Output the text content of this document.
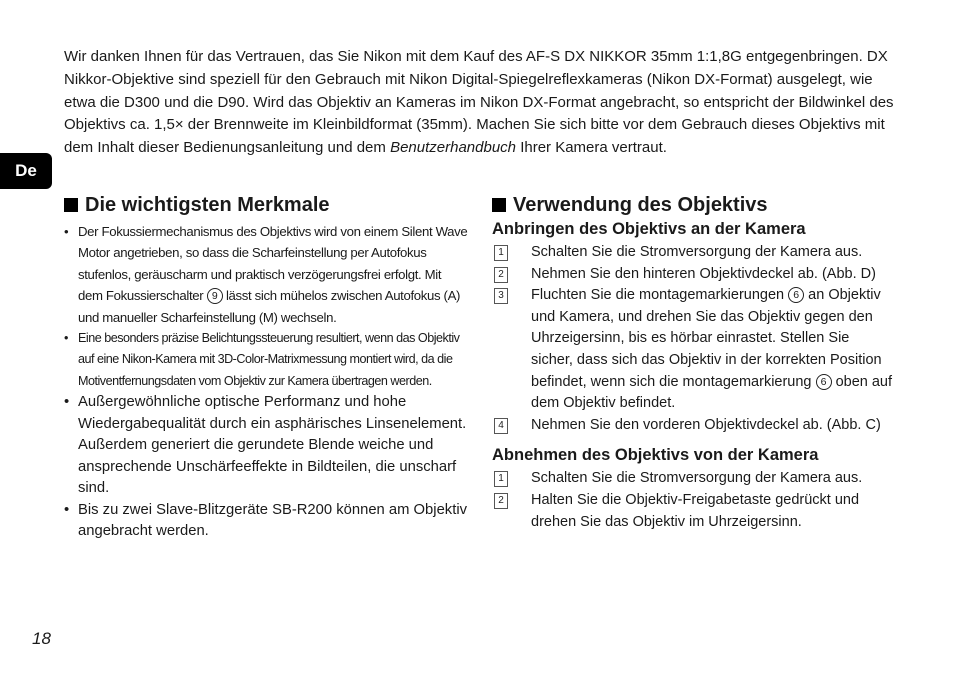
Wir danken Ihnen für das Vertrauen, das Sie Nikon mit dem Kauf des AF-S DX NIKKOR 35mm 1:1,8G entgegenbringen. DX Nikkor-Objektive sind speziell für den Gebrauch mit Nikon Digital-Spiegelreflexkameras (Nikon DX-Format) ausgelegt, wie etwa die D300 und die D90. Wird das Objektiv an Kameras im Nikon DX-Format angebracht, so entspricht der Bildwinkel des Objektivs ca. 1,5× der Brennweite im Kleinbildformat (35mm). Machen Sie sich bitte vor dem Gebrauch dieses Objektivs mit dem Inhalt dieser Bedienungsanleitung und dem Benutzerhandbuch Ihrer Kamera vertraut.

De
Die wichtigsten Merkmale
• Der Fokussiermechanismus des Objektivs wird von einem Silent Wave Motor angetrieben, so dass die Scharfeinstellung per Autofokus stufenlos, geräuscharm und praktisch verzögerungsfrei erfolgt. Mit dem Fokussierschalter 9 lässt sich mühelos zwischen Autofokus (A) und manueller Scharfeinstellung (M) wechseln.
• Eine besonders präzise Belichtungssteuerung resultiert, wenn das Objektiv auf eine Nikon-Kamera mit 3D-Color-Matrixmessung montiert wird, da die Motiventfernungsdaten vom Objektiv zur Kamera übertragen werden.
• Außergewöhnliche optische Performanz und hohe Wiedergabequalität durch ein asphärisches Linsenelement. Außerdem generiert die gerundete Blende weiche und ansprechende Unschärfeeffekte in Bildteilen, die unscharf sind.
• Bis zu zwei Slave-Blitzgeräte SB-R200 können am Objektiv angebracht werden.
Verwendung des Objektivs
Anbringen des Objektivs an der Kamera
1 Schalten Sie die Stromversorgung der Kamera aus.
2 Nehmen Sie den hinteren Objektivdeckel ab. (Abb. D)
3 Fluchten Sie die montagemarkierungen 6 an Objektiv und Kamera, und drehen Sie das Objektiv gegen den Uhrzeigersinn, bis es hörbar einrastet. Stellen Sie sicher, dass sich das Objektiv in der korrekten Position befindet, wenn sich die montagemarkierung 6 oben auf dem Objektiv befindet.
4 Nehmen Sie den vorderen Objektivdeckel ab. (Abb. C)
Abnehmen des Objektivs von der Kamera
1 Schalten Sie die Stromversorgung der Kamera aus.
2 Halten Sie die Objektiv-Freigabetaste gedrückt und drehen Sie das Objektiv im Uhrzeigersinn.
18
